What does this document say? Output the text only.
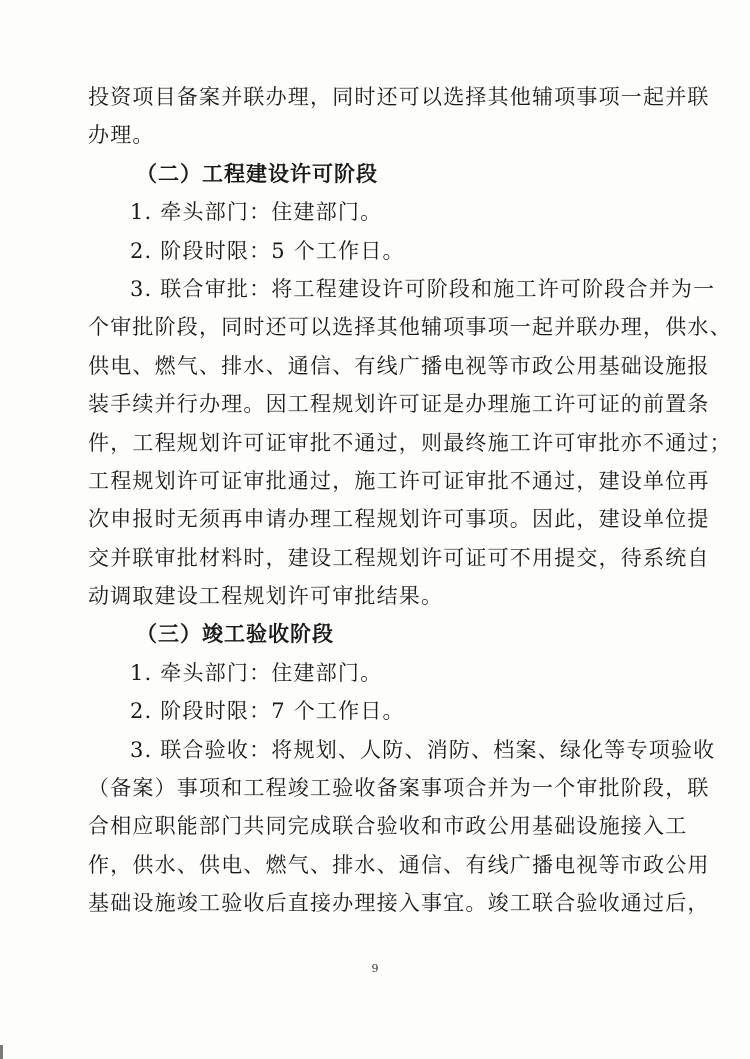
投资项目备案并联办理，同时还可以选择其他辅项事项一起并联
办理。
（二）工程建设许可阶段
1. 牵头部门：住建部门。
2. 阶段时限：5 个工作日。
3. 联合审批：将工程建设许可阶段和施工许可阶段合并为一
个审批阶段，同时还可以选择其他辅项事项一起并联办理，供水、
供电、燃气、排水、通信、有线广播电视等市政公用基础设施报
装手续并行办理。因工程规划许可证是办理施工许可证的前置条
件，工程规划许可证审批不通过，则最终施工许可审批亦不通过；
工程规划许可证审批通过，施工许可证审批不通过，建设单位再
次申报时无须再申请办理工程规划许可事项。因此，建设单位提
交并联审批材料时，建设工程规划许可证可不用提交，待系统自
动调取建设工程规划许可审批结果。
（三）竣工验收阶段
1. 牵头部门：住建部门。
2. 阶段时限：7 个工作日。
3. 联合验收：将规划、人防、消防、档案、绿化等专项验收
（备案）事项和工程竣工验收备案事项合并为一个审批阶段，联
合相应职能部门共同完成联合验收和市政公用基础设施接入工
作，供水、供电、燃气、排水、通信、有线广播电视等市政公用
基础设施竣工验收后直接办理接入事宜。竣工联合验收通过后，
9
